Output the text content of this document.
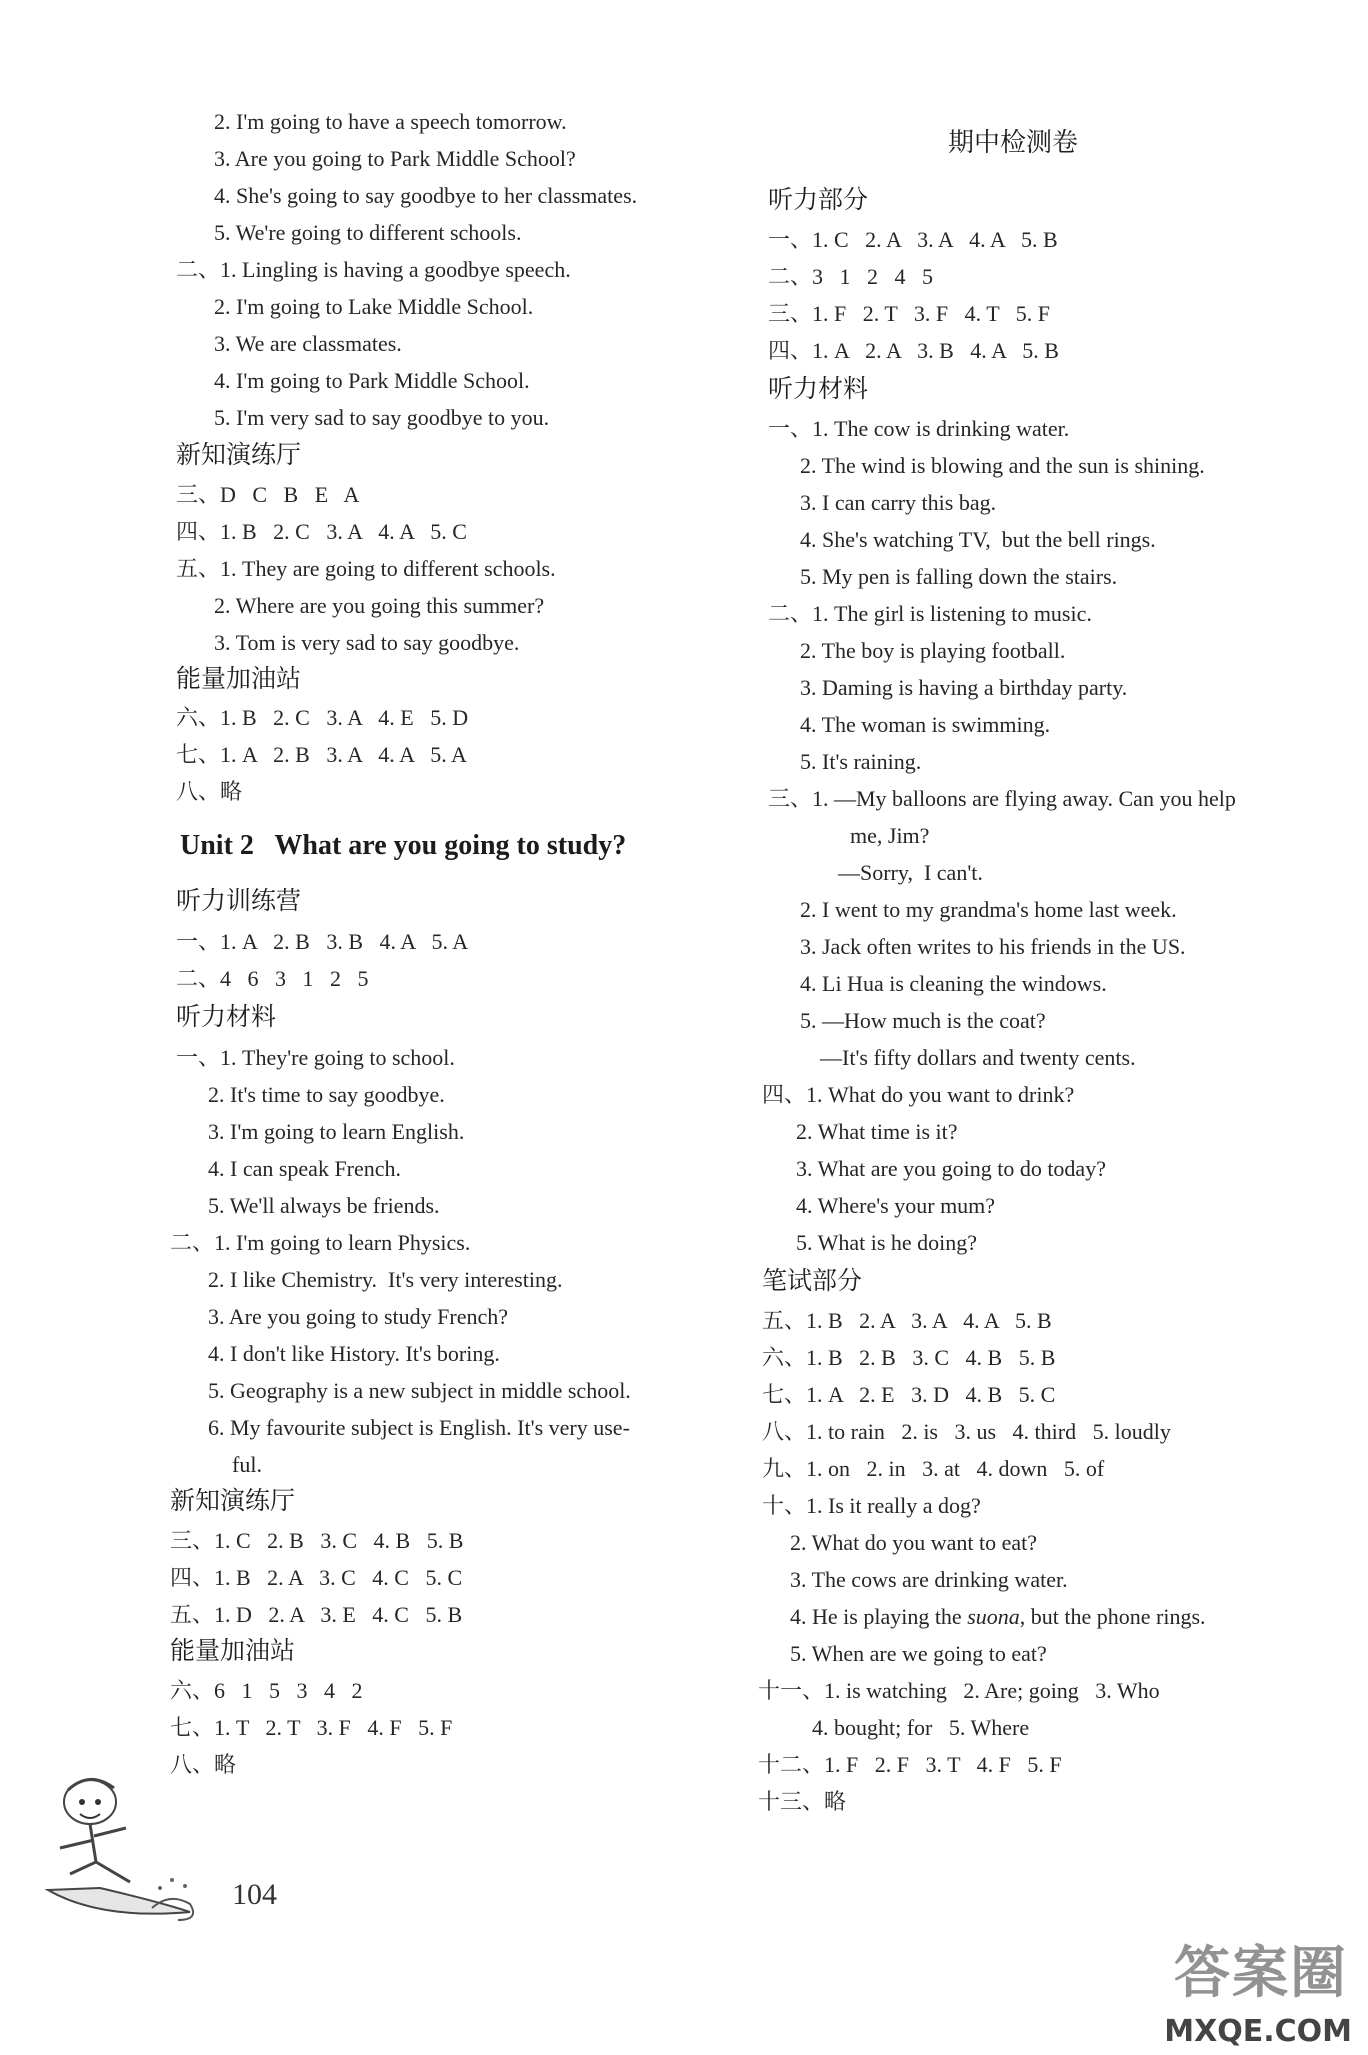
2. I'm going to have a speech tomorrow.
3. Are you going to Park Middle School?
4. She's going to say goodbye to her classmates.
5. We're going to different schools.
二、1. Lingling is having a goodbye speech.
2. I'm going to Lake Middle School.
3. We are classmates.
4. I'm going to Park Middle School.
5. I'm very sad to say goodbye to you.
新知演练厅
三、D   C   B   E   A
四、1. B   2. C   3. A   4. A   5. C
五、1. They are going to different schools.
2. Where are you going this summer?
3. Tom is very sad to say goodbye.
能量加油站
六、1. B   2. C   3. A   4. E   5. D
七、1. A   2. B   3. A   4. A   5. A
八、略
Unit 2   What are you going to study?
听力训练营
一、1. A   2. B   3. B   4. A   5. A
二、4   6   3   1   2   5
听力材料
一、1. They're going to school.
2. It's time to say goodbye.
3. I'm going to learn English.
4. I can speak French.
5. We'll always be friends.
二、1. I'm going to learn Physics.
2. I like Chemistry.  It's very interesting.
3. Are you going to study French?
4. I don't like History. It's boring.
5. Geography is a new subject in middle school.
6. My favourite subject is English. It's very use-
ful.
新知演练厅
三、1. C   2. B   3. C   4. B   5. B
四、1. B   2. A   3. C   4. C   5. C
五、1. D   2. A   3. E   4. C   5. B
能量加油站
六、6   1   5   3   4   2
七、1. T   2. T   3. F   4. F   5. F
八、略
104
期中检测卷
听力部分
一、1. C   2. A   3. A   4. A   5. B
二、3   1   2   4   5
三、1. F   2. T   3. F   4. T   5. F
四、1. A   2. A   3. B   4. A   5. B
听力材料
一、1. The cow is drinking water.
2. The wind is blowing and the sun is shining.
3. I can carry this bag.
4. She's watching TV,  but the bell rings.
5. My pen is falling down the stairs.
二、1. The girl is listening to music.
2. The boy is playing football.
3. Daming is having a birthday party.
4. The woman is swimming.
5. It's raining.
三、1. —My balloons are flying away. Can you help
me, Jim?
—Sorry,  I can't.
2. I went to my grandma's home last week.
3. Jack often writes to his friends in the US.
4. Li Hua is cleaning the windows.
5. —How much is the coat?
—It's fifty dollars and twenty cents.
四、1. What do you want to drink?
2. What time is it?
3. What are you going to do today?
4. Where's your mum?
5. What is he doing?
笔试部分
五、1. B   2. A   3. A   4. A   5. B
六、1. B   2. B   3. C   4. B   5. B
七、1. A   2. E   3. D   4. B   5. C
八、1. to rain   2. is   3. us   4. third   5. loudly
九、1. on   2. in   3. at   4. down   5. of
十、1. Is it really a dog?
2. What do you want to eat?
3. The cows are drinking water.
4. He is playing the suona, but the phone rings.
5. When are we going to eat?
十一、1. is watching   2. Are; going   3. Who
4. bought; for   5. Where
十二、1. F   2. F   3. T   4. F   5. F
十三、略
答案圈
MXQE.COM
